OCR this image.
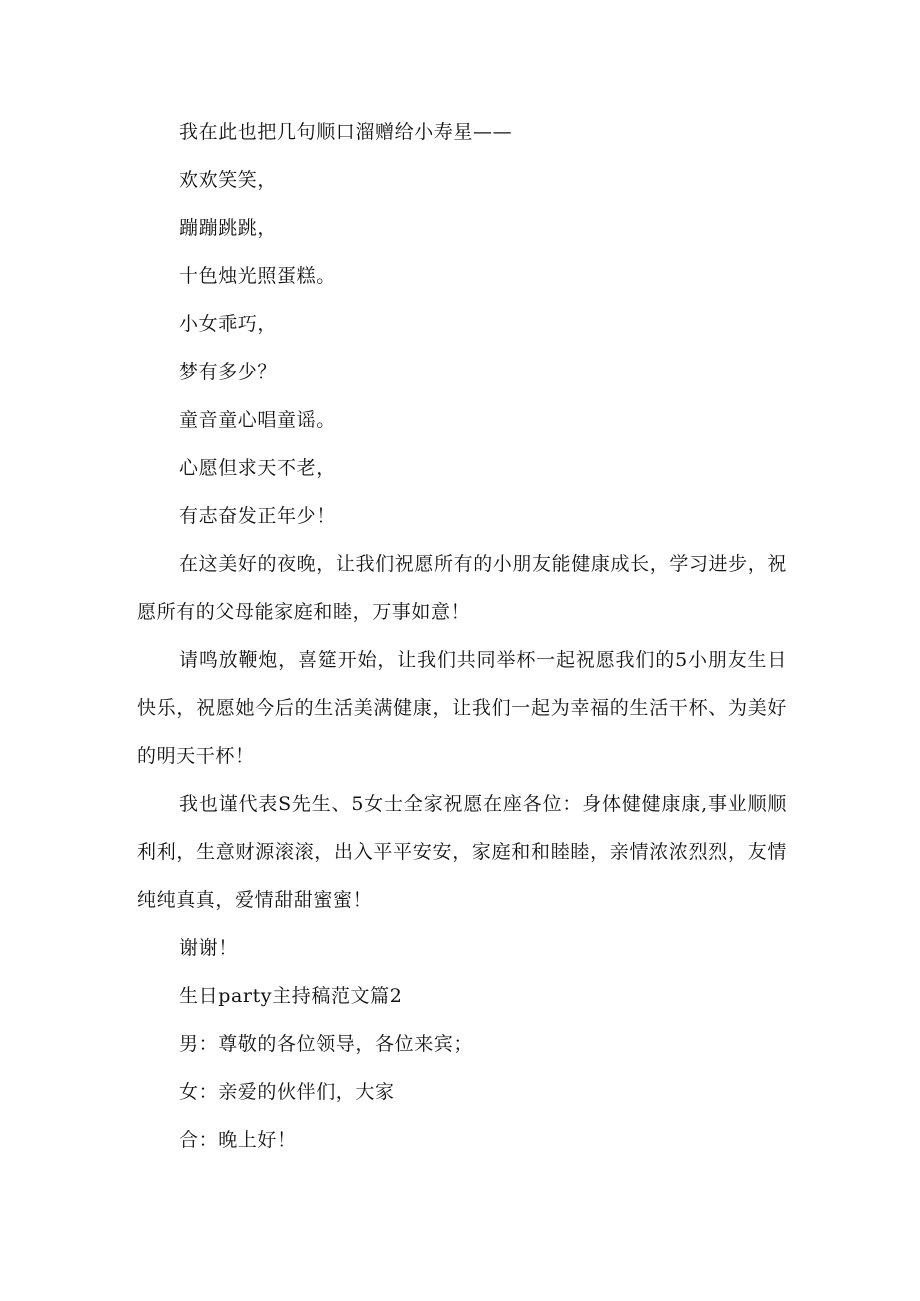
我在此也把几句顺口溜赠给小寿星——

欢欢笑笑，

蹦蹦跳跳，

十色烛光照蛋糕。

小女乖巧，

梦有多少？

童音童心唱童谣。

心愿但求天不老，

有志奋发正年少！

在这美好的夜晚，让我们祝愿所有的小朋友能健康成长，学习进步，祝愿所有的父母能家庭和睦，万事如意！

请鸣放鞭炮，喜筵开始，让我们共同举杯一起祝愿我们的5小朋友生日快乐，祝愿她今后的生活美满健康，让我们一起为幸福的生活干杯、为美好的明天干杯！

我也谨代表S先生、5女士全家祝愿在座各位：身体健健康康,事业顺顺利利，生意财源滚滚，出入平平安安，家庭和和睦睦，亲情浓浓烈烈，友情纯纯真真，爱情甜甜蜜蜜！

谢谢！

生日party主持稿范文篇2

男：尊敬的各位领导，各位来宾；

女：亲爱的伙伴们，大家

合：晚上好！
